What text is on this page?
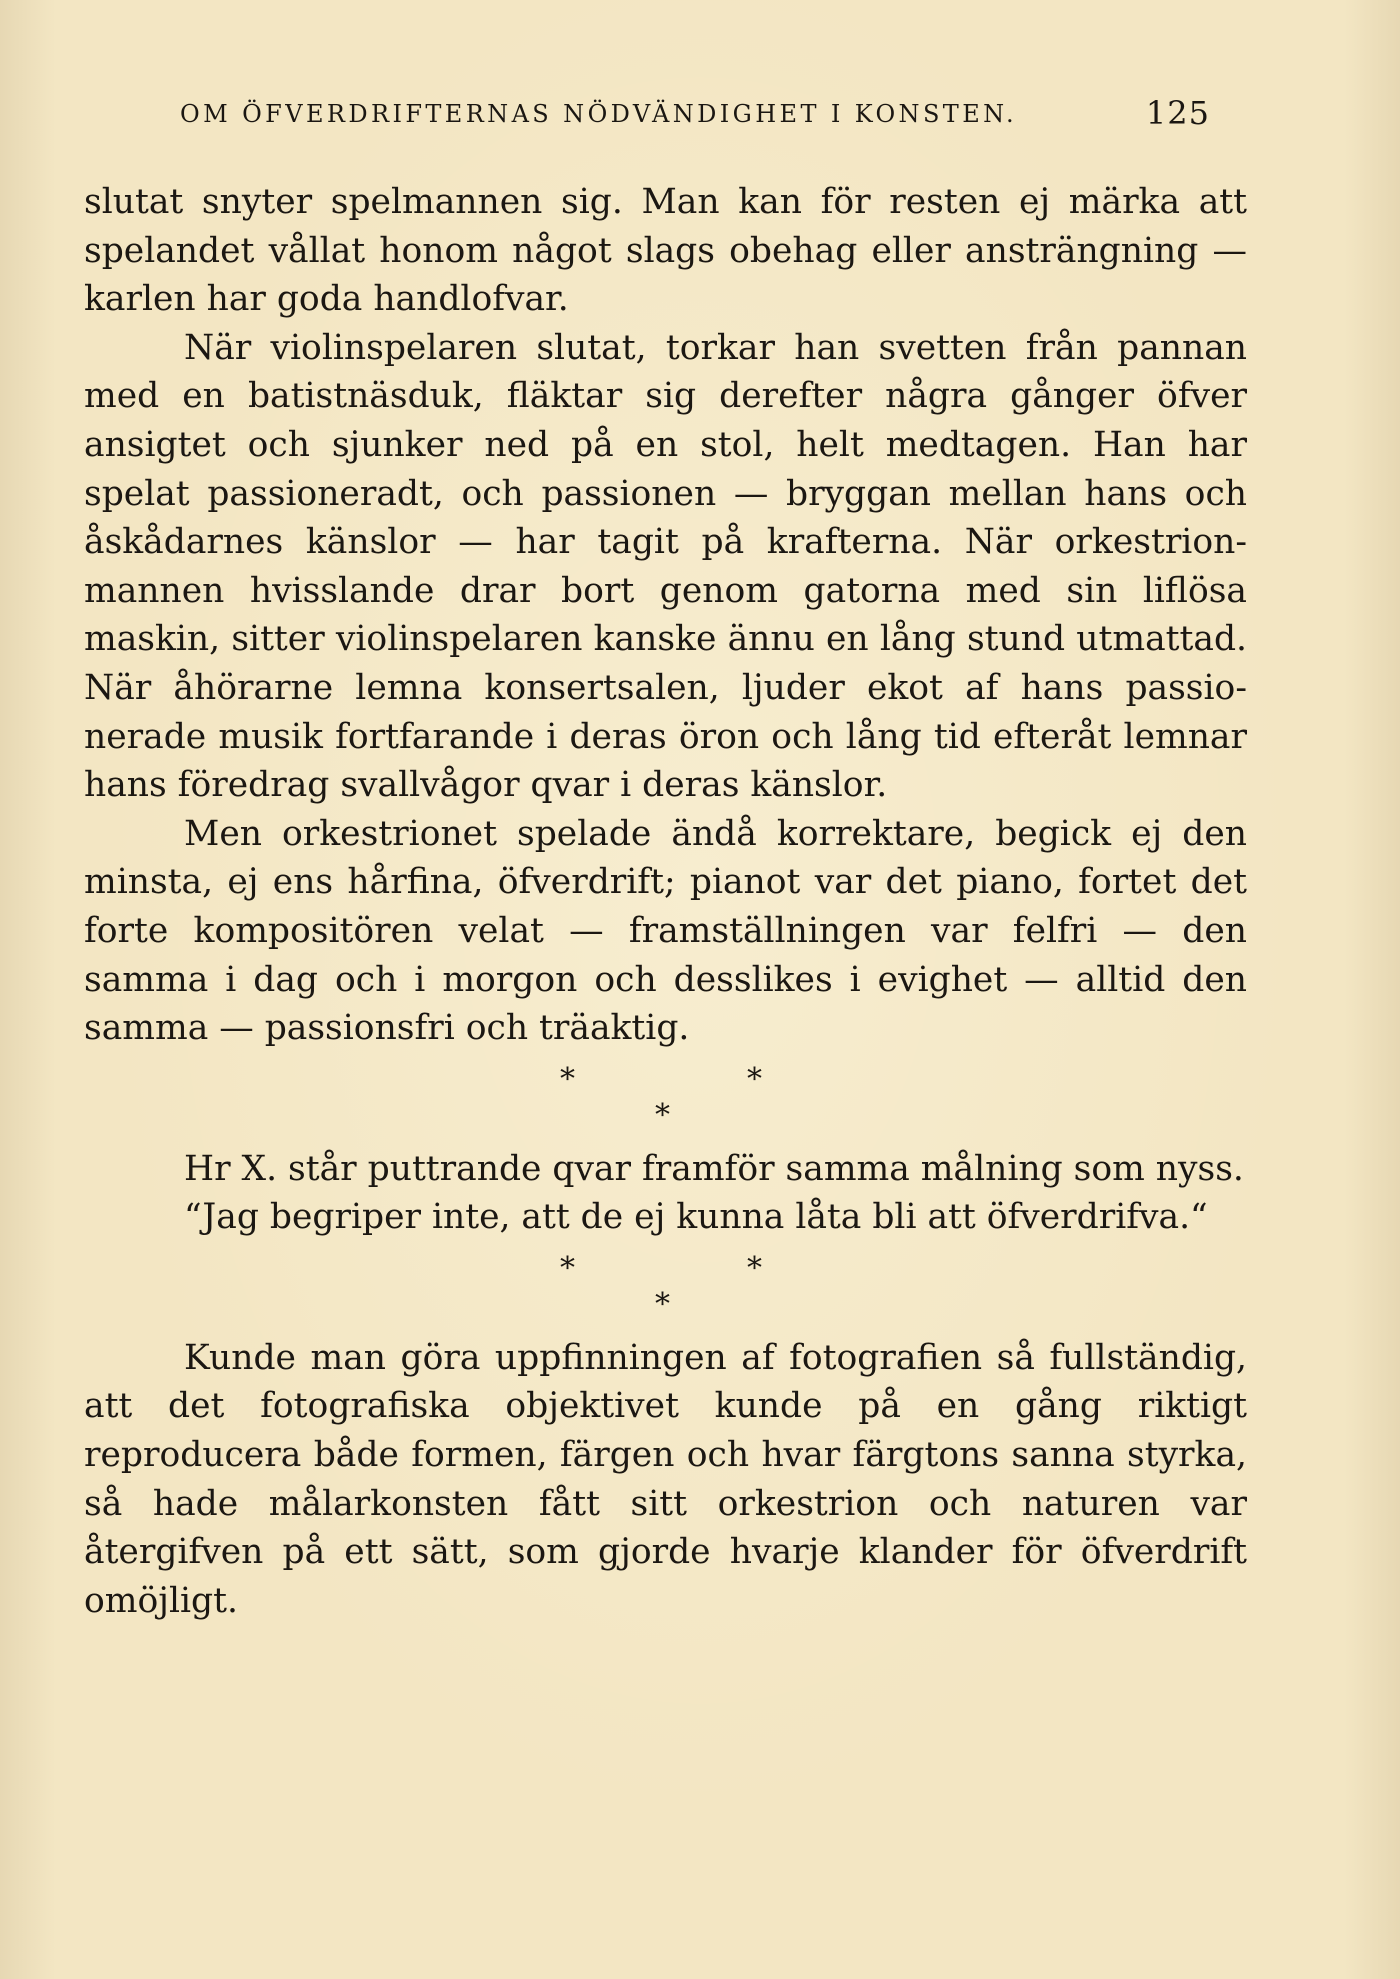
OM ÖFVERDRIFTERNAS NÖDVÄNDIGHET I KONSTEN.	125

slutat snyter spelmannen sig. Man kan för resten ej märka att spelandet vållat honom något slags obehag eller ansträngning — karlen har goda handlofvar.

När violinspelaren slutat, torkar han svetten från pannan med en batistnäsduk, fläktar sig derefter några gånger öfver ansigtet och sjunker ned på en stol, helt medtagen. Han har spelat passioneradt, och passionen — bryggan mellan hans och åskådarnes känslor — har tagit på krafterna. När orkestrion-mannen hvisslande drar bort genom gatorna med sin liflösa maskin, sitter violinspelaren kanske ännu en lång stund utmattad. När åhörarne lemna konsertsalen, ljuder ekot af hans passionerade musik fortfarande i deras öron och lång tid efteråt lemnar hans föredrag svallvågor qvar i deras känslor.

Men orkestrionet spelade ändå korrektare, begick ej den minsta, ej ens hårfina, öfverdrift; pianot var det piano, fortet det forte kompositören velat — framställningen var felfri — den samma i dag och i morgon och desslikes i evighet — alltid den samma — passionsfri och träaktig.

*	*
*

Hr X. står puttrande qvar framför samma målning som nyss.

“Jag begriper inte, att de ej kunna låta bli att öfverdrifva.“

*	*
*

Kunde man göra uppfinningen af fotografien så fullständig, att det fotografiska objektivet kunde på en gång riktigt reproducera både formen, färgen och hvar färgtons sanna styrka, så hade målarkonsten fått sitt orkestrion och naturen var återgifven på ett sätt, som gjorde hvarje klander för öfverdrift omöjligt.
